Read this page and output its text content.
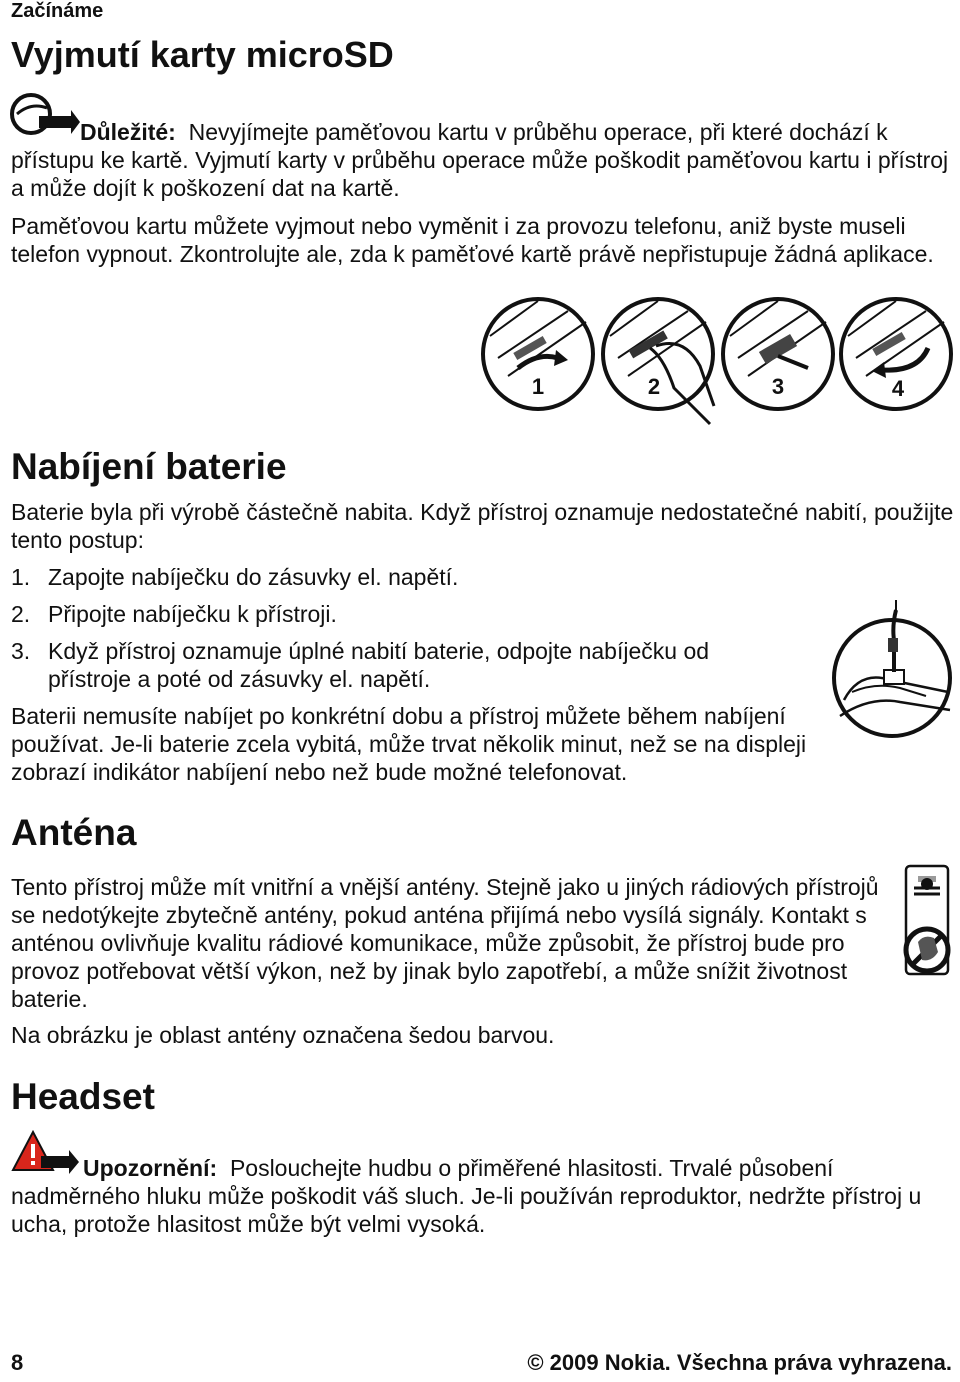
Začínáme
Vyjmutí karty microSD

Důležité: Nevyjímejte paměťovou kartu v průběhu operace, při které dochází k přístupu ke kartě. Vyjmutí karty v průběhu operace může poškodit paměťovou kartu i přístroj a může dojít k poškození dat na kartě.

Paměťovou kartu můžete vyjmout nebo vyměnit i za provozu telefonu, aniž byste museli telefon vypnout. Zkontrolujte ale, zda k paměťové kartě právě nepřistupuje žádná aplikace.

1	2	3	4
Nabíjení baterie

Baterie byla při výrobě částečně nabita. Když přístroj oznamuje nedostatečné nabití, použijte tento postup:

1. Zapojte nabíječku do zásuvky el. napětí.
2. Připojte nabíječku k přístroji.
3. Když přístroj oznamuje úplné nabití baterie, odpojte nabíječku od přístroje a poté od zásuvky el. napětí.

Baterii nemusíte nabíjet po konkrétní dobu a přístroj můžete během nabíjení používat. Je-li baterie zcela vybitá, může trvat několik minut, než se na displeji zobrazí indikátor nabíjení nebo než bude možné telefonovat.

Anténa

Tento přístroj může mít vnitřní a vnější antény. Stejně jako u jiných rádiových přístrojů se nedotýkejte zbytečně antény, pokud anténa přijímá nebo vysílá signály. Kontakt s anténou ovlivňuje kvalitu rádiové komunikace, může způsobit, že přístroj bude pro provoz potřebovat větší výkon, než by jinak bylo zapotřebí, a může snížit životnost baterie.

Na obrázku je oblast antény označena šedou barvou.

Headset

Upozornění: Poslouchejte hudbu o přiměřené hlasitosti. Trvalé působení nadměrného hluku může poškodit váš sluch. Je-li používán reproduktor, nedržte přístroj u ucha, protože hlasitost může být velmi vysoká.

8	© 2009 Nokia. Všechna práva vyhrazena.
